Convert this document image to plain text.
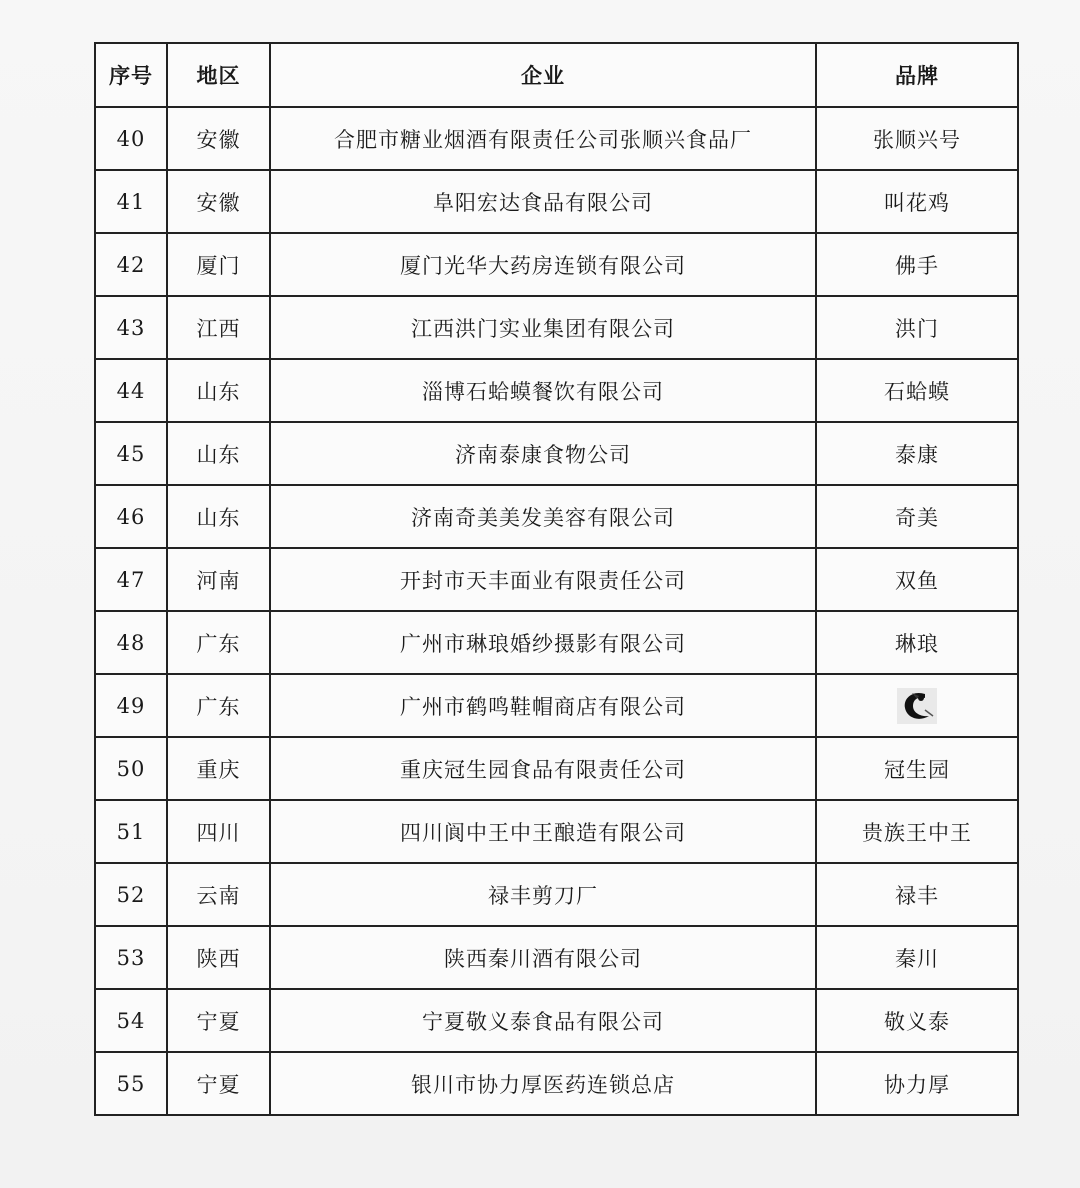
序号	地区	企业	品牌
40	安徽	合肥市糖业烟酒有限责任公司张顺兴食品厂	张顺兴号
41	安徽	阜阳宏达食品有限公司	叫花鸡
42	厦门	厦门光华大药房连锁有限公司	佛手
43	江西	江西洪门实业集团有限公司	洪门
44	山东	淄博石蛤蟆餐饮有限公司	石蛤蟆
45	山东	济南泰康食物公司	泰康
46	山东	济南奇美美发美容有限公司	奇美
47	河南	开封市天丰面业有限责任公司	双鱼
48	广东	广州市琳琅婚纱摄影有限公司	琳琅
49	广东	广州市鹤鸣鞋帽商店有限公司	
50	重庆	重庆冠生园食品有限责任公司	冠生园
51	四川	四川阆中王中王酿造有限公司	贵族王中王
52	云南	禄丰剪刀厂	禄丰
53	陕西	陕西秦川酒有限公司	秦川
54	宁夏	宁夏敬义泰食品有限公司	敬义泰
55	宁夏	银川市协力厚医药连锁总店	协力厚
